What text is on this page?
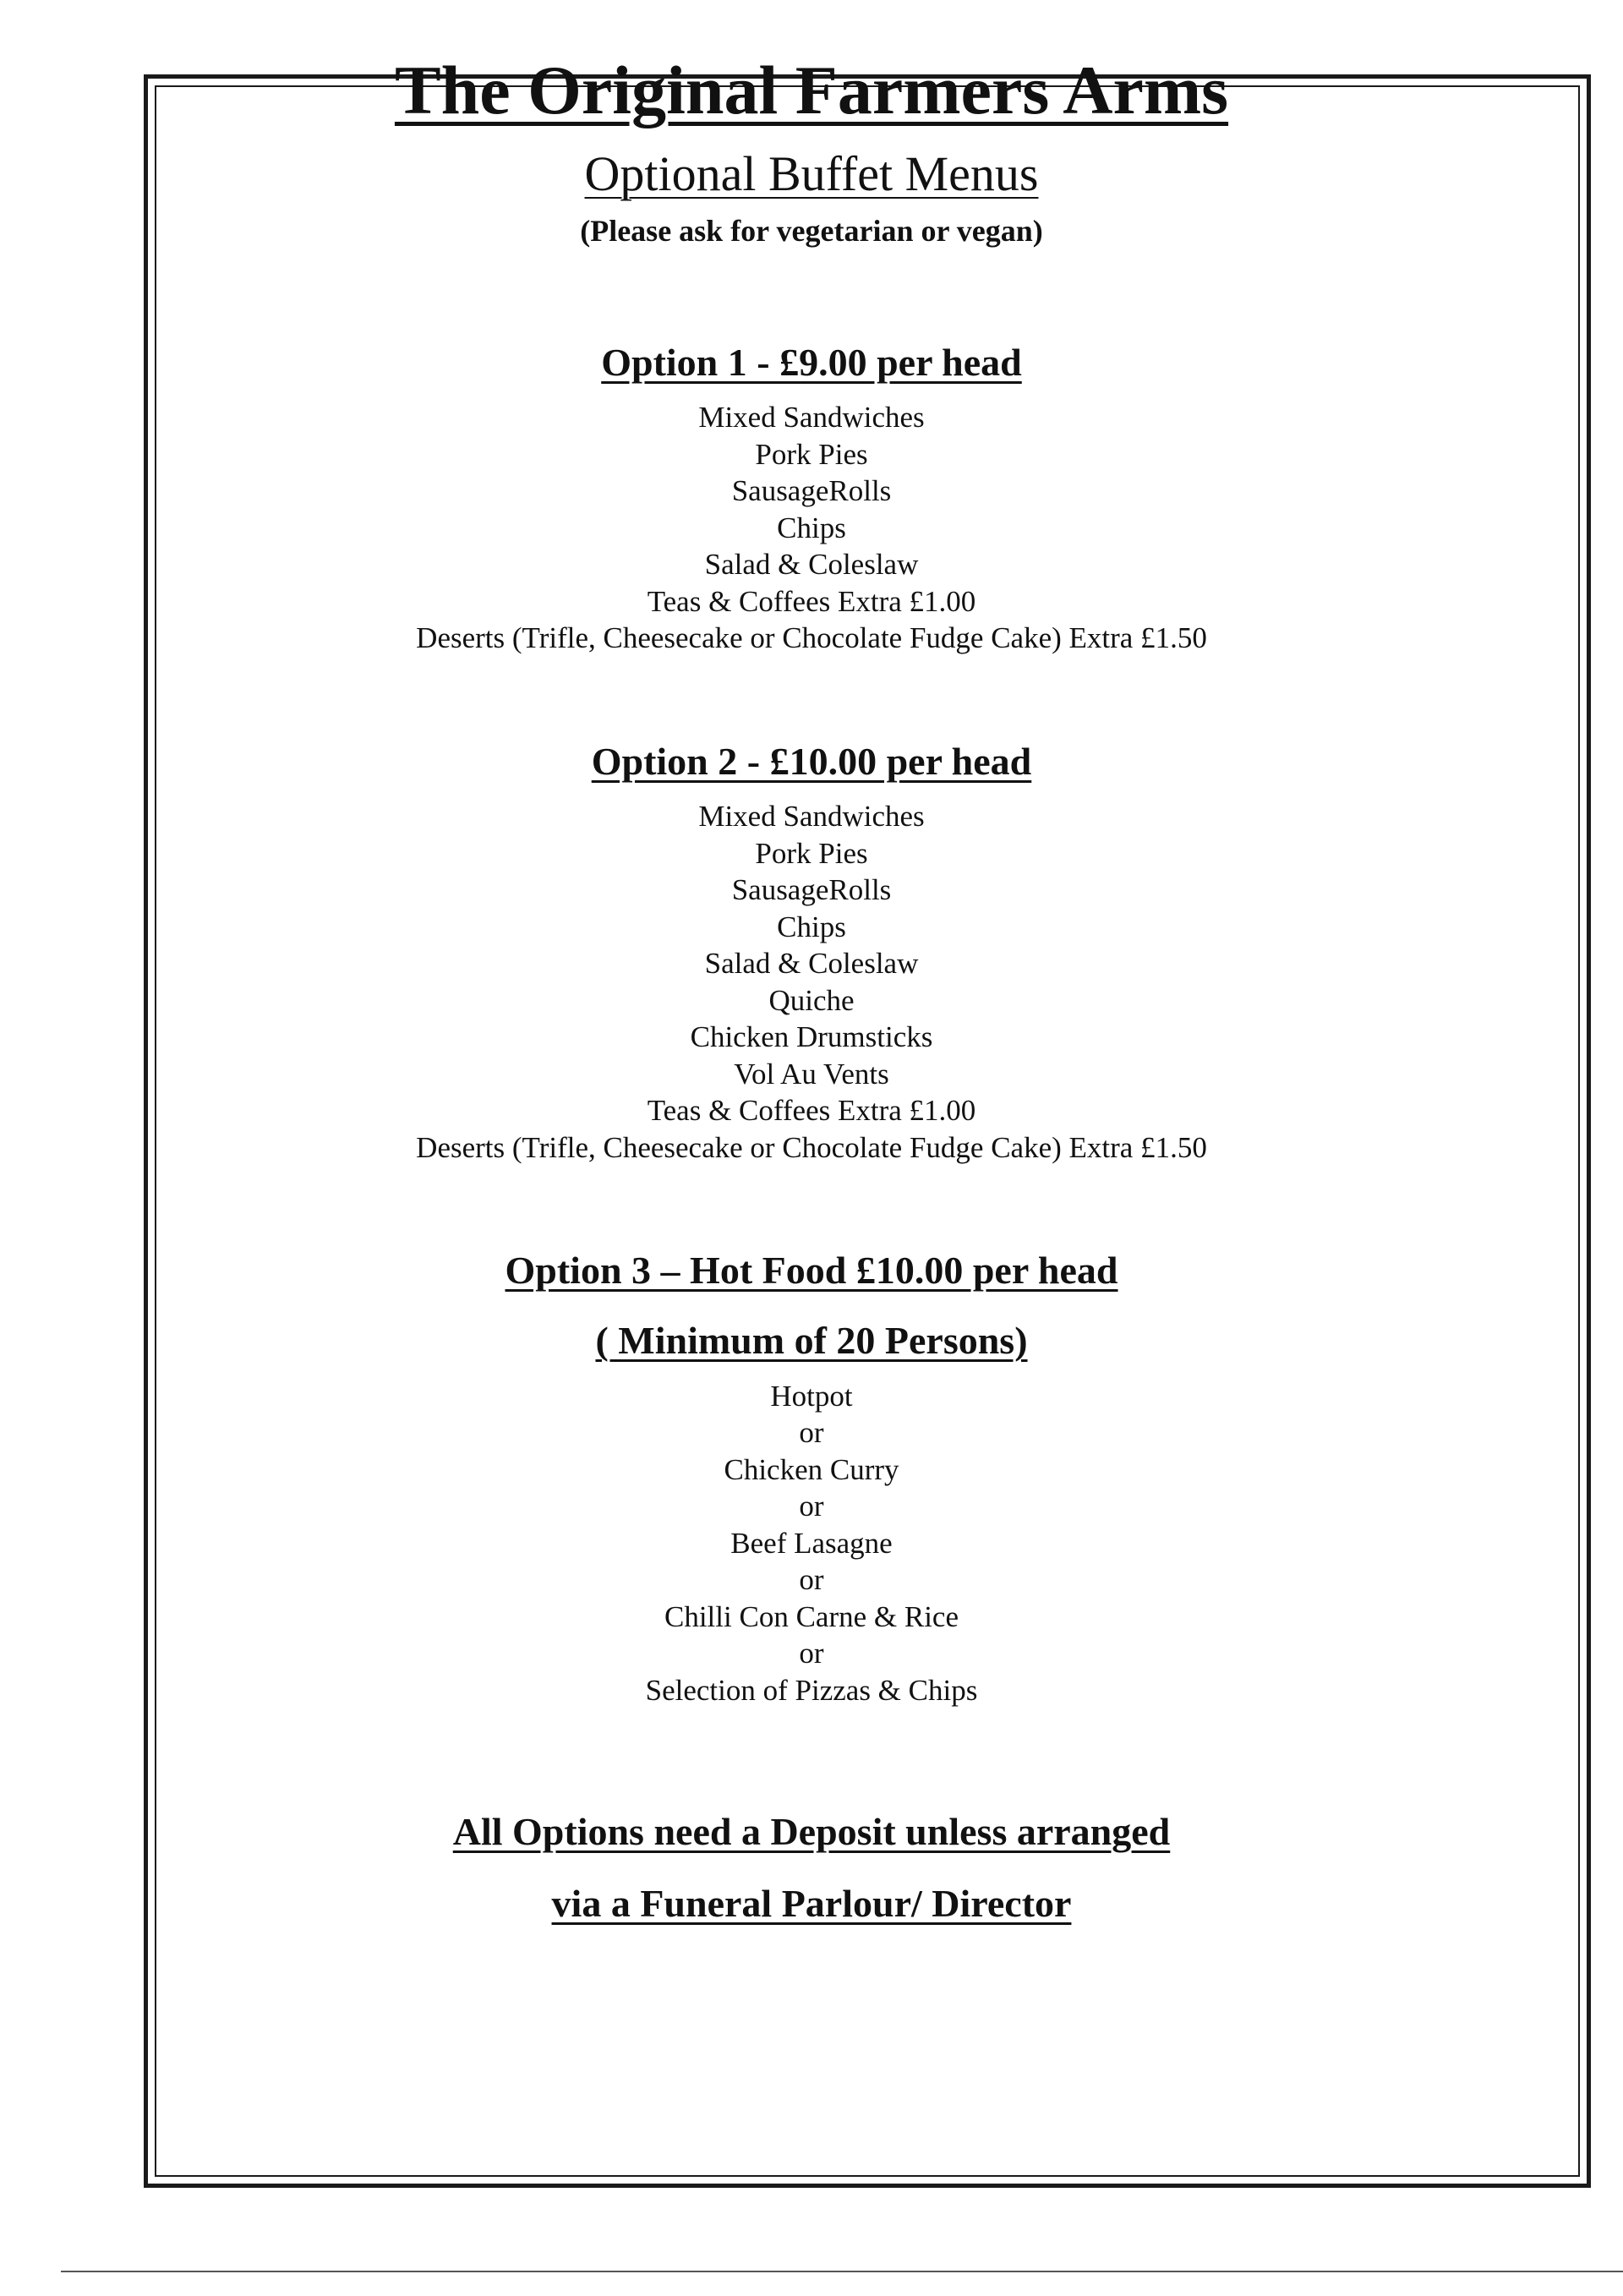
The Original Farmers Arms
Optional Buffet Menus
(Please ask for vegetarian or vegan)
Option 1 - £9.00 per head
Mixed Sandwiches
Pork Pies
SausageRolls
Chips
Salad & Coleslaw
Teas & Coffees Extra £1.00
Deserts (Trifle, Cheesecake or Chocolate Fudge Cake) Extra £1.50
Option 2 - £10.00 per head
Mixed Sandwiches
Pork Pies
SausageRolls
Chips
Salad & Coleslaw
Quiche
Chicken Drumsticks
Vol Au Vents
Teas & Coffees Extra £1.00
Deserts (Trifle, Cheesecake or Chocolate Fudge Cake) Extra £1.50
Option 3 – Hot Food £10.00 per head
( Minimum of 20 Persons)
Hotpot
or
Chicken Curry
or
Beef Lasagne
or
Chilli Con Carne & Rice
or
Selection of Pizzas & Chips
All Options need a Deposit unless arranged
via a Funeral Parlour/ Director
